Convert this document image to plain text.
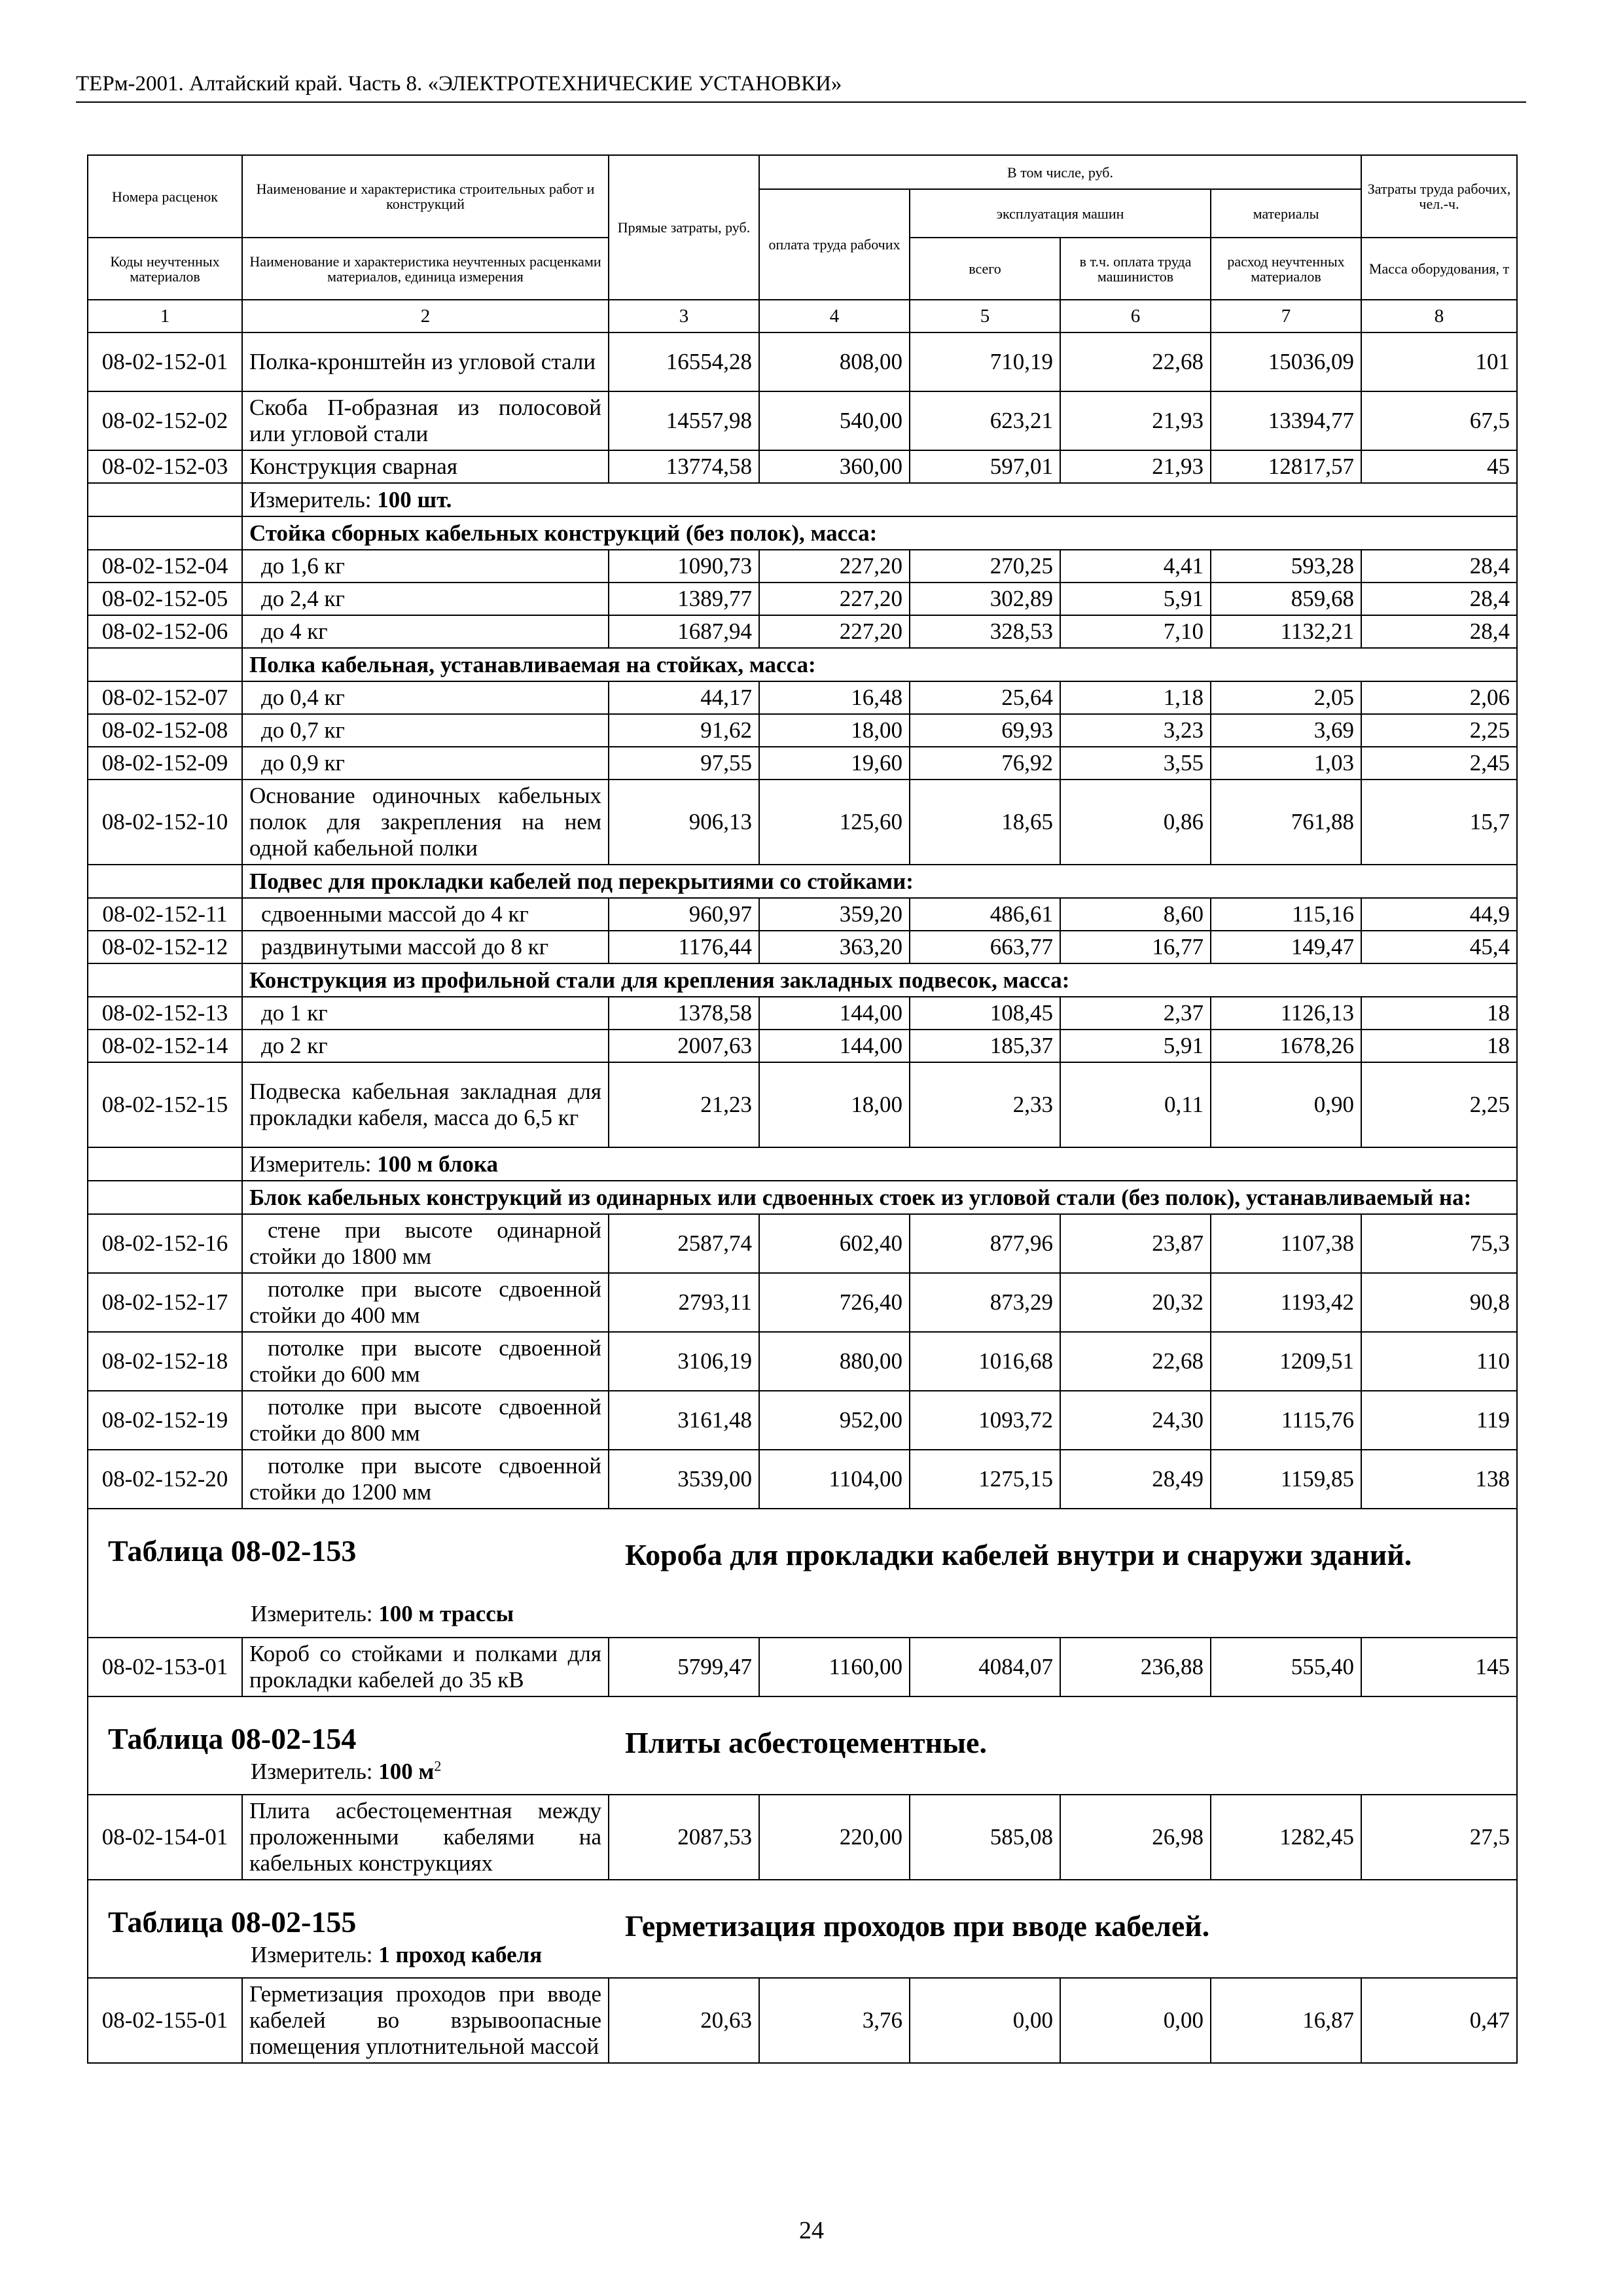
ТЕРм-2001. Алтайский край. Часть 8. «ЭЛЕКТРОТЕХНИЧЕСКИЕ УСТАНОВКИ»
Номера расценок	Наименование и характеристика строительных работ и конструкций	Прямые затраты, руб.	В том числе, руб.				Затраты труда рабочих, чел.-ч.
			оплата труда рабочих	эксплуатация машин		материалы	
Коды неучтенных материалов	Наименование и характеристика неучтенных расценками материалов, единица измерения			всего	в т.ч. оплата труда машинистов	расход неучтенных материалов	Масса оборудования, т
1	2	3	4	5	6	7	8
08-02-152-01	Полка-кронштейн из угловой стали	16554,28	808,00	710,19	22,68	15036,09	101
08-02-152-02	Скоба П-образная из полосовой или угловой стали	14557,98	540,00	623,21	21,93	13394,77	67,5
08-02-152-03	Конструкция сварная	13774,58	360,00	597,01	21,93	12817,57	45
	Измеритель: 100 шт.						
	Стойка сборных кабельных конструкций (без полок), масса:						
08-02-152-04	до 1,6 кг	1090,73	227,20	270,25	4,41	593,28	28,4
08-02-152-05	до 2,4 кг	1389,77	227,20	302,89	5,91	859,68	28,4
08-02-152-06	до 4 кг	1687,94	227,20	328,53	7,10	1132,21	28,4
	Полка кабельная, устанавливаемая на стойках, масса:						
08-02-152-07	до 0,4 кг	44,17	16,48	25,64	1,18	2,05	2,06
08-02-152-08	до 0,7 кг	91,62	18,00	69,93	3,23	3,69	2,25
08-02-152-09	до 0,9 кг	97,55	19,60	76,92	3,55	1,03	2,45
08-02-152-10	Основание одиночных кабельных полок для закрепления на нем одной кабельной полки	906,13	125,60	18,65	0,86	761,88	15,7
	Подвес для прокладки кабелей под перекрытиями со стойками:						
08-02-152-11	сдвоенными массой до 4 кг	960,97	359,20	486,61	8,60	115,16	44,9
08-02-152-12	раздвинутыми массой до 8 кг	1176,44	363,20	663,77	16,77	149,47	45,4
	Конструкция из профильной стали для крепления закладных подвесок, масса:						
08-02-152-13	до 1 кг	1378,58	144,00	108,45	2,37	1126,13	18
08-02-152-14	до 2 кг	2007,63	144,00	185,37	5,91	1678,26	18
08-02-152-15	Подвеска кабельная закладная для прокладки кабеля, масса до 6,5 кг	21,23	18,00	2,33	0,11	0,90	2,25
	Измеритель: 100 м блока						
	Блок кабельных конструкций из одинарных или сдвоенных стоек из угловой стали (без полок), устанавливаемый на:						
08-02-152-16	стене при высоте одинарной стойки до 1800 мм	2587,74	602,40	877,96	23,87	1107,38	75,3
08-02-152-17	потолке при высоте сдвоенной стойки до 400 мм	2793,11	726,40	873,29	20,32	1193,42	90,8
08-02-152-18	потолке при высоте сдвоенной стойки до 600 мм	3106,19	880,00	1016,68	22,68	1209,51	110
08-02-152-19	потолке при высоте сдвоенной стойки до 800 мм	3161,48	952,00	1093,72	24,30	1115,76	119
08-02-152-20	потолке при высоте сдвоенной стойки до 1200 мм	3539,00	1104,00	1275,15	28,49	1159,85	138

Таблица 08-02-153 Короба для прокладки кабелей внутри и снаружи зданий.
Измеритель: 100 м трассы							

08-02-153-01	Короб со стойками и полками для прокладки кабелей до 35 кВ	5799,47	1160,00	4084,07	236,88	555,40	145

Таблица 08-02-154 Плиты асбестоцементные.
Измеритель: 100 $м^2$

08-02-154-01	Плита асбестоцементная между проложенными кабелями на кабельных конструкциях	2087,53	220,00	585,08	26,98	1282,45	27,5

Таблица 08-02-155 Герметизация проходов при вводе кабелей.
Измеритель: 1 проход кабеля							

08-02-155-01	Герметизация проходов при вводе кабелей во взрывоопасные помещения уплотнительной массой	20,63	3,76	0,00	0,00	16,87	0,47
24
